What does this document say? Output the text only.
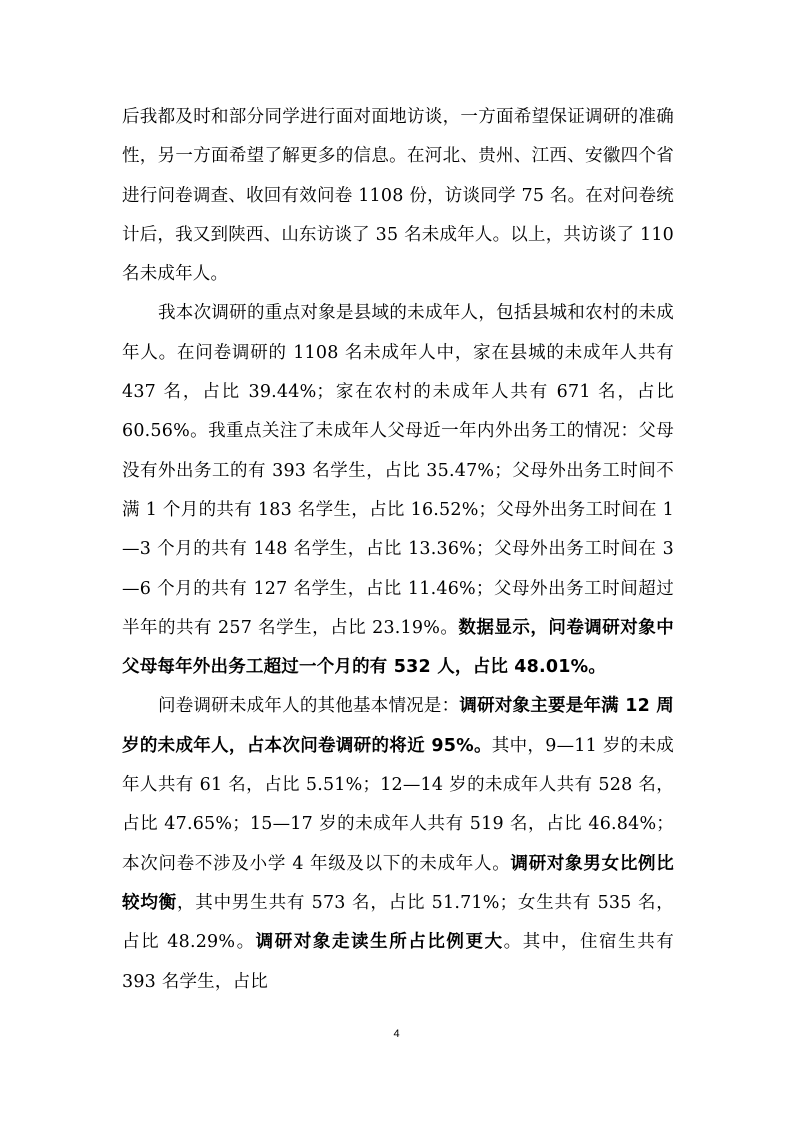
后我都及时和部分同学进行面对面地访谈，一方面希望保证调研的准确性，另一方面希望了解更多的信息。在河北、贵州、江西、安徽四个省进行问卷调查、收回有效问卷 1108 份，访谈同学 75 名。在对问卷统计后，我又到陕西、山东访谈了 35 名未成年人。以上，共访谈了 110 名未成年人。

我本次调研的重点对象是县域的未成年人，包括县城和农村的未成年人。在问卷调研的 1108 名未成年人中，家在县城的未成年人共有 437 名，占比 39.44%；家在农村的未成年人共有 671 名，占比 60.56%。我重点关注了未成年人父母近一年内外出务工的情况：父母没有外出务工的有 393 名学生，占比 35.47%；父母外出务工时间不满 1 个月的共有 183 名学生，占比 16.52%；父母外出务工时间在 1—3 个月的共有 148 名学生，占比 13.36%；父母外出务工时间在 3—6 个月的共有 127 名学生，占比 11.46%；父母外出务工时间超过半年的共有 257 名学生，占比 23.19%。数据显示，问卷调研对象中父母每年外出务工超过一个月的有 532 人，占比 48.01%。

问卷调研未成年人的其他基本情况是：调研对象主要是年满 12 周岁的未成年人，占本次问卷调研的将近 95%。其中，9—11 岁的未成年人共有 61 名，占比 5.51%；12—14 岁的未成年人共有 528 名，占比 47.65%；15—17 岁的未成年人共有 519 名，占比 46.84%；本次问卷不涉及小学 4 年级及以下的未成年人。调研对象男女比例比较均衡，其中男生共有 573 名，占比 51.71%；女生共有 535 名，占比 48.29%。调研对象走读生所占比例更大。其中，住宿生共有 393 名学生，占比

4
